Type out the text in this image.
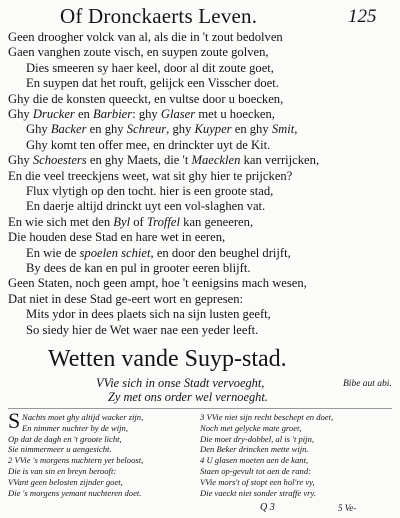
Of Dronckaerts Leven.	125
Geen droogher volck van al, als die in 't zout bedolven
Gaen vanghen zoute visch, en suypen zoute golven,
Dies smeeren sy haer keel, door al dit zoute goet,
En suypen dat het rouft, gelijck een Visscher doet.
Ghy die de konsten queeckt, en vultse door u boecken,
Ghy Drucker en Barbier: ghy Glaser met u hoecken,
Ghy Backer en ghy Schreur, ghy Kuyper en ghy Smit,
Ghy komt ten offer mee, en drinckter uyt de Kit.
Ghy Schoesters en ghy Maets, die 't Maecklen kan verrijcken,
En die veel treeckjens weet, wat sit ghy hier te prijcken?
Flux vlytigh op den tocht. hier is een groote stad,
En daerje altijd drinckt uyt een vol-slaghen vat.
En wie sich met den Byl of Troffel kan geneeren,
Die houden dese Stad en hare wet in eeren,
En wie de spoelen schiet, en door den beughel drijft,
By dees de kan en pul in grooter eeren blijft.
Geen Staten, noch geen ampt, hoe 't eenigsins mach wesen,
Dat niet in dese Stad ge-eert wort en gepresen:
Mits ydor in dees plaets sich na sijn lusten geeft,
So siedy hier de Wet waer nae een yeder leeft.
Wetten vande Suyp-stad.
VVie sich in onse Stadt vervoeght,
Zy met ons order wel vernoeght.
Bibe aut abi.
S Nachts moet ghy altijd wacker zijn,
En nimmer nuchter by de wijn,
Op dat de dagh en 't groote licht,
Sie nimmermeer u aengesicht.
2 VVie 's morgens nuchtern yet beloost,
Die is van sin en breyn berooft:
VVant geen belosten zijnder goet,
Die 's morgens yemant nuchteren doet.
3 VVie niet sijn recht beschept en doet,
Noch met gelycke mate groet,
Die moet dry-dobbel, al is 't pijn,
Den Beker drincken mette wijn.
4 U glasen moeten aen de kant,
Staen op-gevult tot aen de rand:
VVie mors't of stopt een hol're vy,
Die vaeckt niet sonder straffe vry.
Q 3	5 Ve-
